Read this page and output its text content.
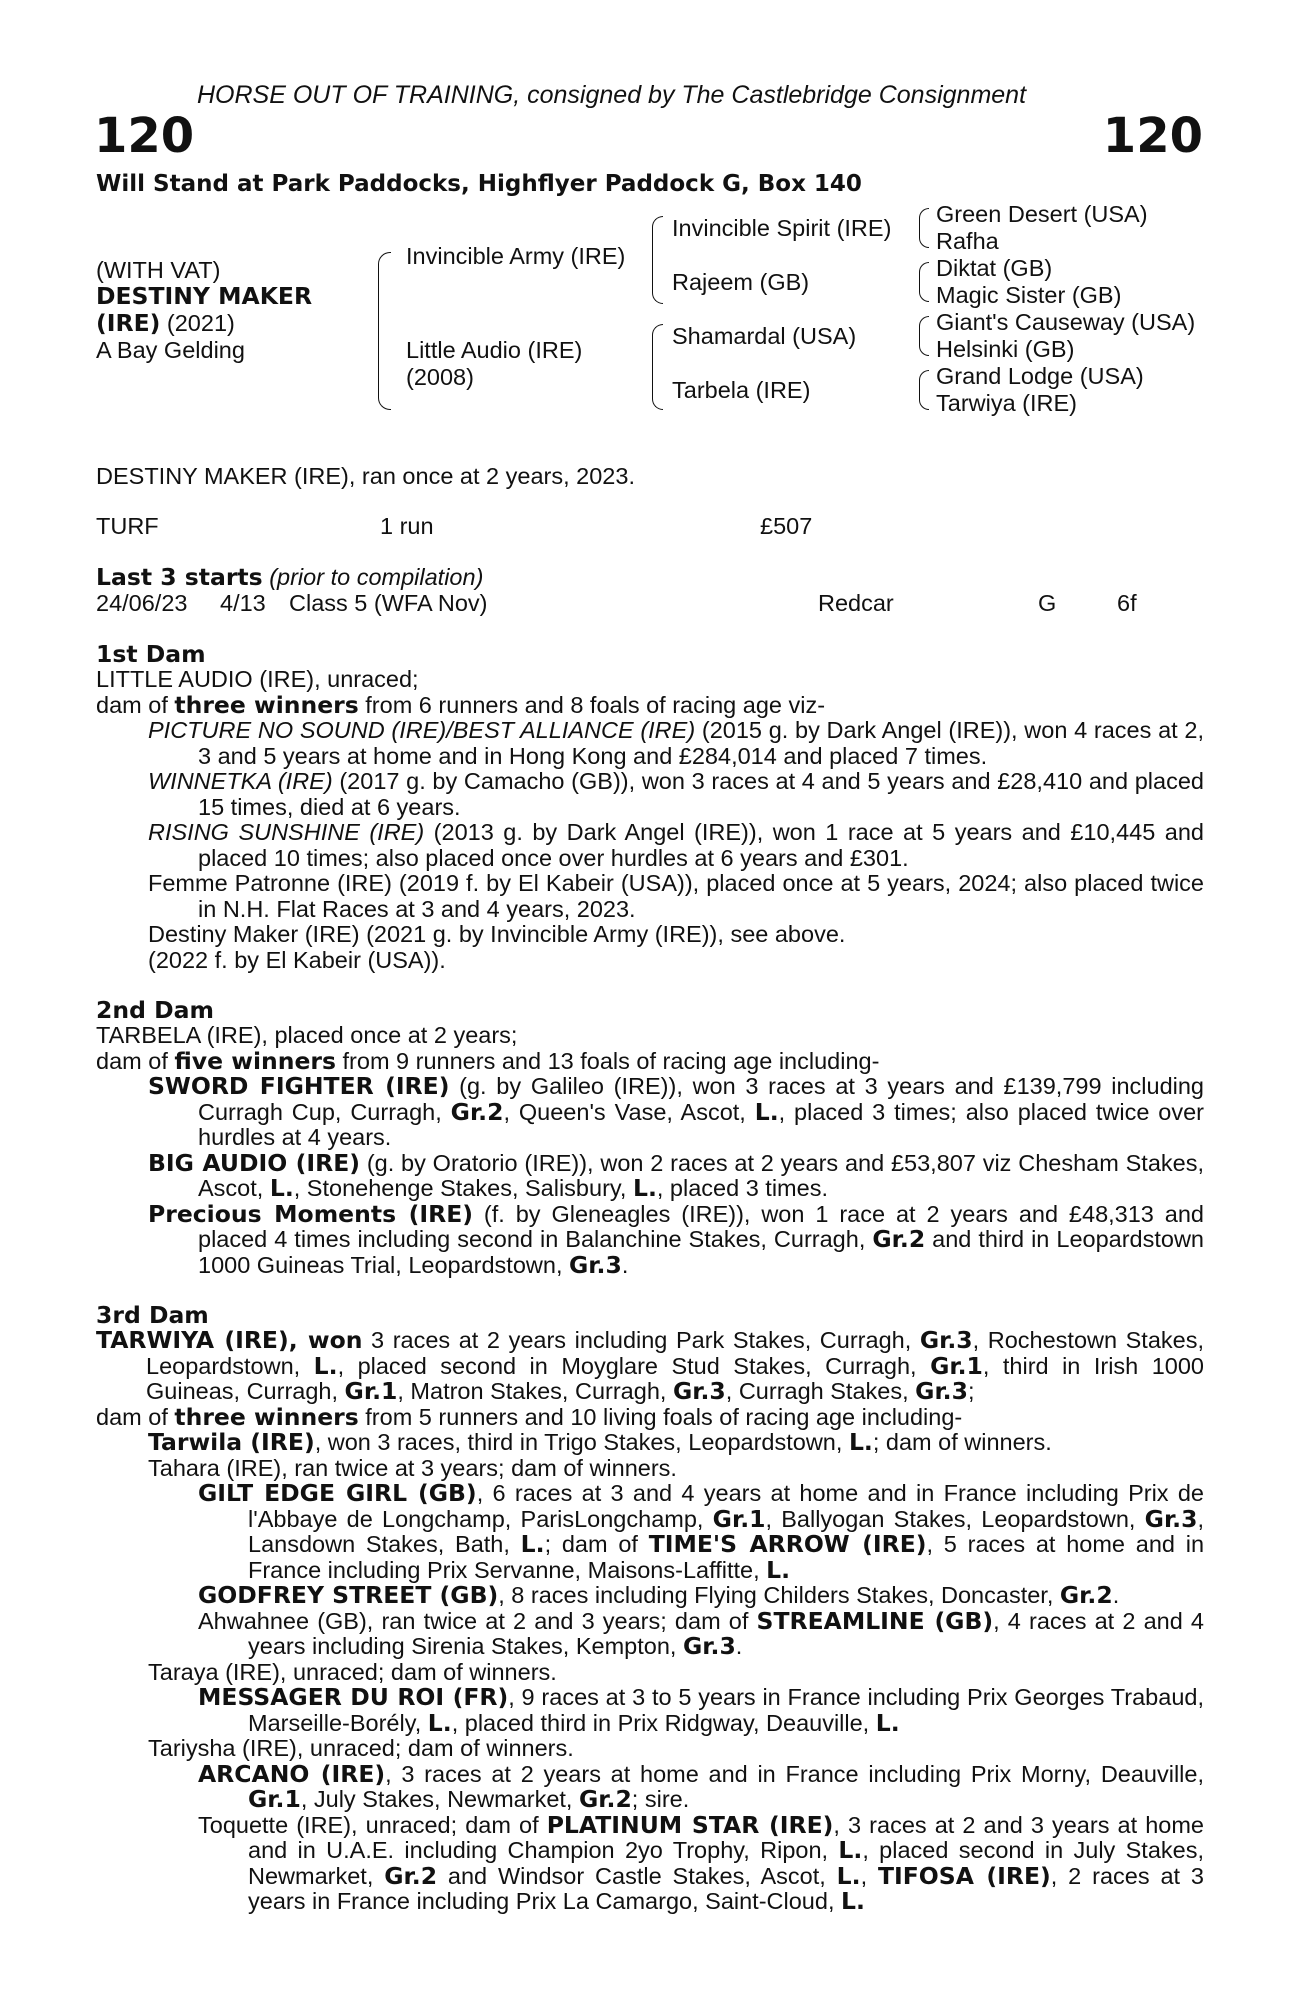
HORSE OUT OF TRAINING, consigned by The Castlebridge Consignment
120	120
Will Stand at Park Paddocks, Highflyer Paddock G, Box 140
(WITH VAT)
DESTINY MAKER
(IRE) (2021)
A Bay Gelding
Invincible Army (IRE)
Little Audio (IRE)
(2008)
Invincible Spirit (IRE)
Rajeem (GB)
Shamardal (USA)
Tarbela (IRE)
Green Desert (USA)
Rafha
Diktat (GB)
Magic Sister (GB)
Giant's Causeway (USA)
Helsinki (GB)
Grand Lodge (USA)
Tarwiya (IRE)
DESTINY MAKER (IRE), ran once at 2 years, 2023.
TURF	1 run	£507
Last 3 starts (prior to compilation)
24/06/23 4/13 Class 5 (WFA Nov)	Redcar	G	6f
1st Dam
LITTLE AUDIO (IRE), unraced;
dam of three winners from 6 runners and 8 foals of racing age viz-
PICTURE NO SOUND (IRE)/BEST ALLIANCE (IRE) (2015 g. by Dark Angel (IRE)), won 4 races at 2, 3 and 5 years at home and in Hong Kong and £284,014 and placed 7 times.
WINNETKA (IRE) (2017 g. by Camacho (GB)), won 3 races at 4 and 5 years and £28,410 and placed 15 times, died at 6 years.
RISING SUNSHINE (IRE) (2013 g. by Dark Angel (IRE)), won 1 race at 5 years and £10,445 and placed 10 times; also placed once over hurdles at 6 years and £301.
Femme Patronne (IRE) (2019 f. by El Kabeir (USA)), placed once at 5 years, 2024; also placed twice in N.H. Flat Races at 3 and 4 years, 2023.
Destiny Maker (IRE) (2021 g. by Invincible Army (IRE)), see above.
(2022 f. by El Kabeir (USA)).
2nd Dam
TARBELA (IRE), placed once at 2 years;
dam of five winners from 9 runners and 13 foals of racing age including-
SWORD FIGHTER (IRE) (g. by Galileo (IRE)), won 3 races at 3 years and £139,799 including Curragh Cup, Curragh, Gr.2, Queen's Vase, Ascot, L., placed 3 times; also placed twice over hurdles at 4 years.
BIG AUDIO (IRE) (g. by Oratorio (IRE)), won 2 races at 2 years and £53,807 viz Chesham Stakes, Ascot, L., Stonehenge Stakes, Salisbury, L., placed 3 times.
Precious Moments (IRE) (f. by Gleneagles (IRE)), won 1 race at 2 years and £48,313 and placed 4 times including second in Balanchine Stakes, Curragh, Gr.2 and third in Leopardstown 1000 Guineas Trial, Leopardstown, Gr.3.
3rd Dam
TARWIYA (IRE), won 3 races at 2 years including Park Stakes, Curragh, Gr.3, Rochestown Stakes, Leopardstown, L., placed second in Moyglare Stud Stakes, Curragh, Gr.1, third in Irish 1000 Guineas, Curragh, Gr.1, Matron Stakes, Curragh, Gr.3, Curragh Stakes, Gr.3;
dam of three winners from 5 runners and 10 living foals of racing age including-
Tarwila (IRE), won 3 races, third in Trigo Stakes, Leopardstown, L.; dam of winners.
Tahara (IRE), ran twice at 3 years; dam of winners.
GILT EDGE GIRL (GB), 6 races at 3 and 4 years at home and in France including Prix de l'Abbaye de Longchamp, ParisLongchamp, Gr.1, Ballyogan Stakes, Leopardstown, Gr.3, Lansdown Stakes, Bath, L.; dam of TIME'S ARROW (IRE), 5 races at home and in France including Prix Servanne, Maisons-Laffitte, L.
GODFREY STREET (GB), 8 races including Flying Childers Stakes, Doncaster, Gr.2.
Ahwahnee (GB), ran twice at 2 and 3 years; dam of STREAMLINE (GB), 4 races at 2 and 4 years including Sirenia Stakes, Kempton, Gr.3.
Taraya (IRE), unraced; dam of winners.
MESSAGER DU ROI (FR), 9 races at 3 to 5 years in France including Prix Georges Trabaud, Marseille-Borély, L., placed third in Prix Ridgway, Deauville, L.
Tariysha (IRE), unraced; dam of winners.
ARCANO (IRE), 3 races at 2 years at home and in France including Prix Morny, Deauville, Gr.1, July Stakes, Newmarket, Gr.2; sire.
Toquette (IRE), unraced; dam of PLATINUM STAR (IRE), 3 races at 2 and 3 years at home and in U.A.E. including Champion 2yo Trophy, Ripon, L., placed second in July Stakes, Newmarket, Gr.2 and Windsor Castle Stakes, Ascot, L., TIFOSA (IRE), 2 races at 3 years in France including Prix La Camargo, Saint-Cloud, L.
